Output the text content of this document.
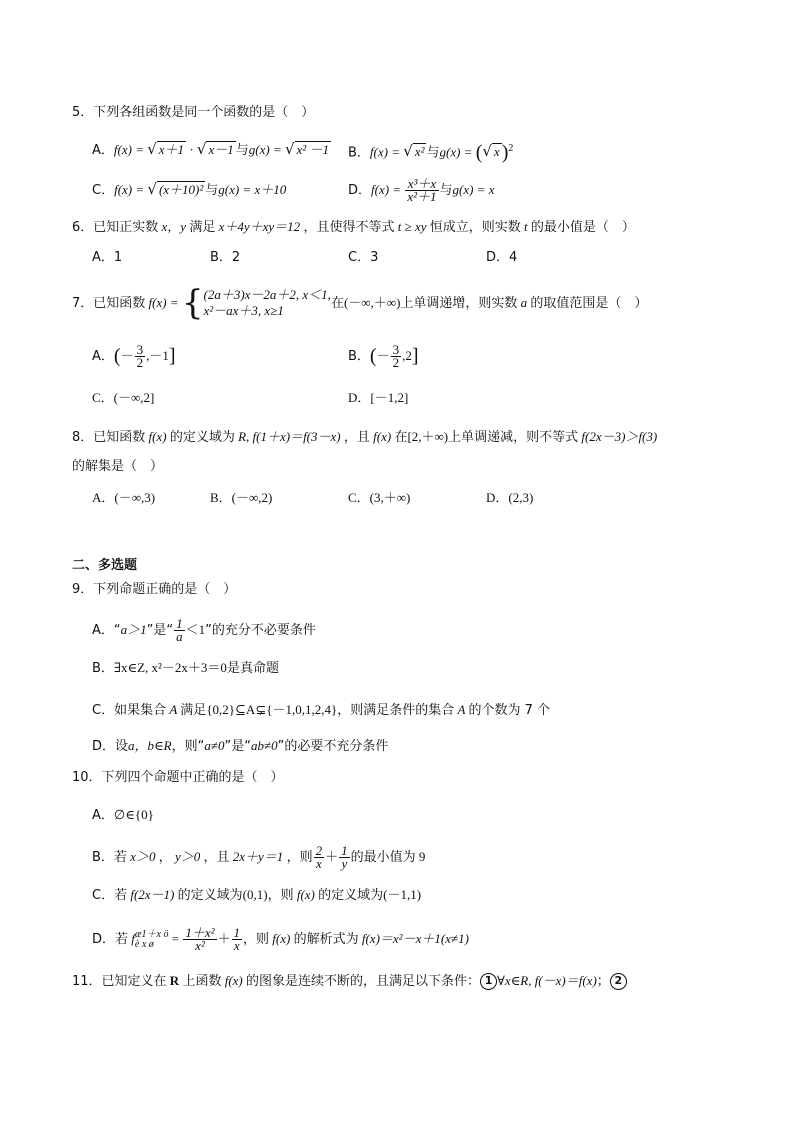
5．下列各组函数是同一个函数的是（　）
A．f(x) = √ x＋1 · √ x－1 与g(x) = √ x² －1 B．f(x) = √ x² 与g(x) = (√ x )$^2$
C．f(x) = √ (x＋10)² 与g(x) = x＋10	D．$f(x) = \frac{\text{x³＋x}}{\text{x²＋1}}$ 与g(x) = x
6．已知正实数 x，y 满足 x＋4y＋xy＝12 ，且使得不等式 t ≥ xy 恒成立，则实数 t 的最小值是（　）
A．1	B．2	C．3	D．4
7．已知函数 f(x) = { (2a＋3)x－2a＋2, x＜1,
x²－ax＋3, x≥1	在(－∞,＋∞)上单调递增，则实数 a 的取值范围是（　）
A．(－ $\frac{3}{2} ,-1$]	B．(－ $\frac{3}{2} ,2$]
C．(－∞,2]	D．[－1,2]
8．已知函数 f(x) 的定义域为 R, f(1＋x)＝f(3－x) ，且 f(x) 在[2,＋∞)上单调递减，则不等式 f(2x－3)＞f(3)
的解集是（　）
A．(－∞,3)	B．(－∞,2)	C．(3,＋∞)	D．(2,3)
二、多选题
9．下列命题正确的是（　）
A．“a＞1”是“ $\frac{1}{a} <1$”的充分不必要条件
B．∃x∈Z, x²－2x＋3＝0是真命题
C．如果集合 A 满足{0,2}⊆A⊊{－1,0,1,2,4}，则满足条件的集合 A 的个数为 7 个
D．设a，b∈R，则“a≠0”是“ab≠0”的必要不充分条件
10．下列四个命题中正确的是（　）
A．∅∈{0}
B．若 x＞0 ， y＞0 ，且 2x＋y＝1 ，则 $\frac{2}{x} + \frac{1}{y}$ 的最小值为 9
C．若 f(2x－1) 的定义域为(0,1)，则 f(x) 的定义域为(－1,1)
D．若 fæ1＋x ö
è x ø = $\frac{\text{1＋x²}}{\text{x²}} + \frac{1}{x}$ ，则 f(x) 的解析式为 f(x)＝x²－x＋1(x≠1)
11．已知定义在 R 上函数 f(x) 的图象是连续不断的，且满足以下条件： 1 ∀x∈R, f(－x)＝f(x)； 2
